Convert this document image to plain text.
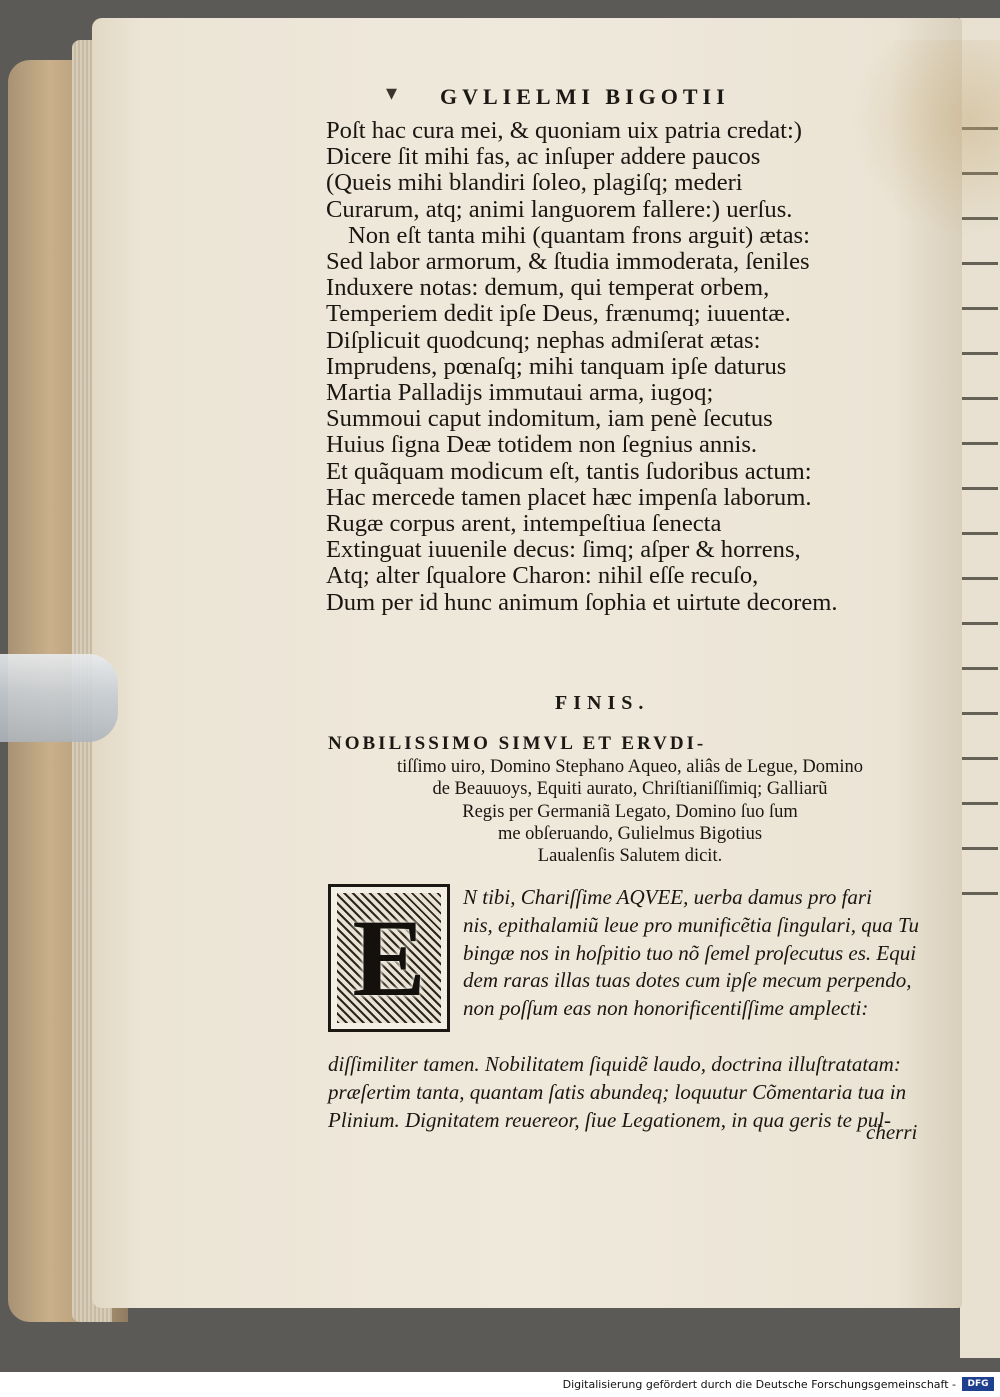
▾ GVLIELMI BIGOTII
Poſt hac cura mei, & quoniam uix patria credat:)
Dicere ſit mihi fas, ac inſuper addere paucos
(Queis mihi blandiri ſoleo, plagiſq; mederi
Curarum, atq; animi languorem fallere:) uerſus.
Non eſt tanta mihi (quantam frons arguit) ætas:
Sed labor armorum, & ſtudia immoderata, ſeniles
Induxere notas: demum, qui temperat orbem,
Temperiem dedit ipſe Deus, frænumq; iuuentæ.
Diſplicuit quodcunq; nephas admiſerat ætas:
Imprudens, pœnaſq; mihi tanquam ipſe daturus
Martia Palladijs immutaui arma, iugoq;
Summoui caput indomitum, iam penè ſecutus
Huius ſigna Deæ totidem non ſegnius annis.
Et quãquam modicum eſt, tantis ſudoribus actum:
Hac mercede tamen placet hæc impenſa laborum.
Rugæ corpus arent, intempeſtiua ſenecta
Extinguat iuuenile decus: ſimq; aſper & horrens,
Atq; alter ſqualore Charon: nihil eſſe recuſo,
Dum per id hunc animum ſophia et uirtute decorem.
FINIS.
NOBILISSIMO SIMVL ET ERVDI-
tiſſimo uiro, Domino Stephano Aqueo, aliâs de Legue, Domino
de Beauuoys, Equiti aurato, Chriſtianiſſimiq; Galliarũ
Regis per Germaniã Legato, Domino ſuo ſum
me obſeruando, Gulielmus Bigotius
Laualenſis Salutem dicit.
E	N tibi, Chariſſime AQVEE, uerba damus pro fari
nis, epithalamiũ leue pro munificẽtia ſingulari, qua Tu
bingæ nos in hoſpitio tuo nõ ſemel proſecutus es. Equi
dem raras illas tuas dotes cum ipſe mecum perpendo,
non poſſum eas non honorificentiſſime amplecti:
diſſimiliter tamen. Nobilitatem ſiquidẽ laudo, doctrina illuſtratatam:
præſertim tanta, quantam ſatis abundeq; loquutur Cõmentaria tua in
Plinium. Dignitatem reuereor, ſiue Legationem, in qua geris te pul-
cherri
Digitalisierung gefördert durch die Deutsche Forschungsgemeinschaft -	DFG
